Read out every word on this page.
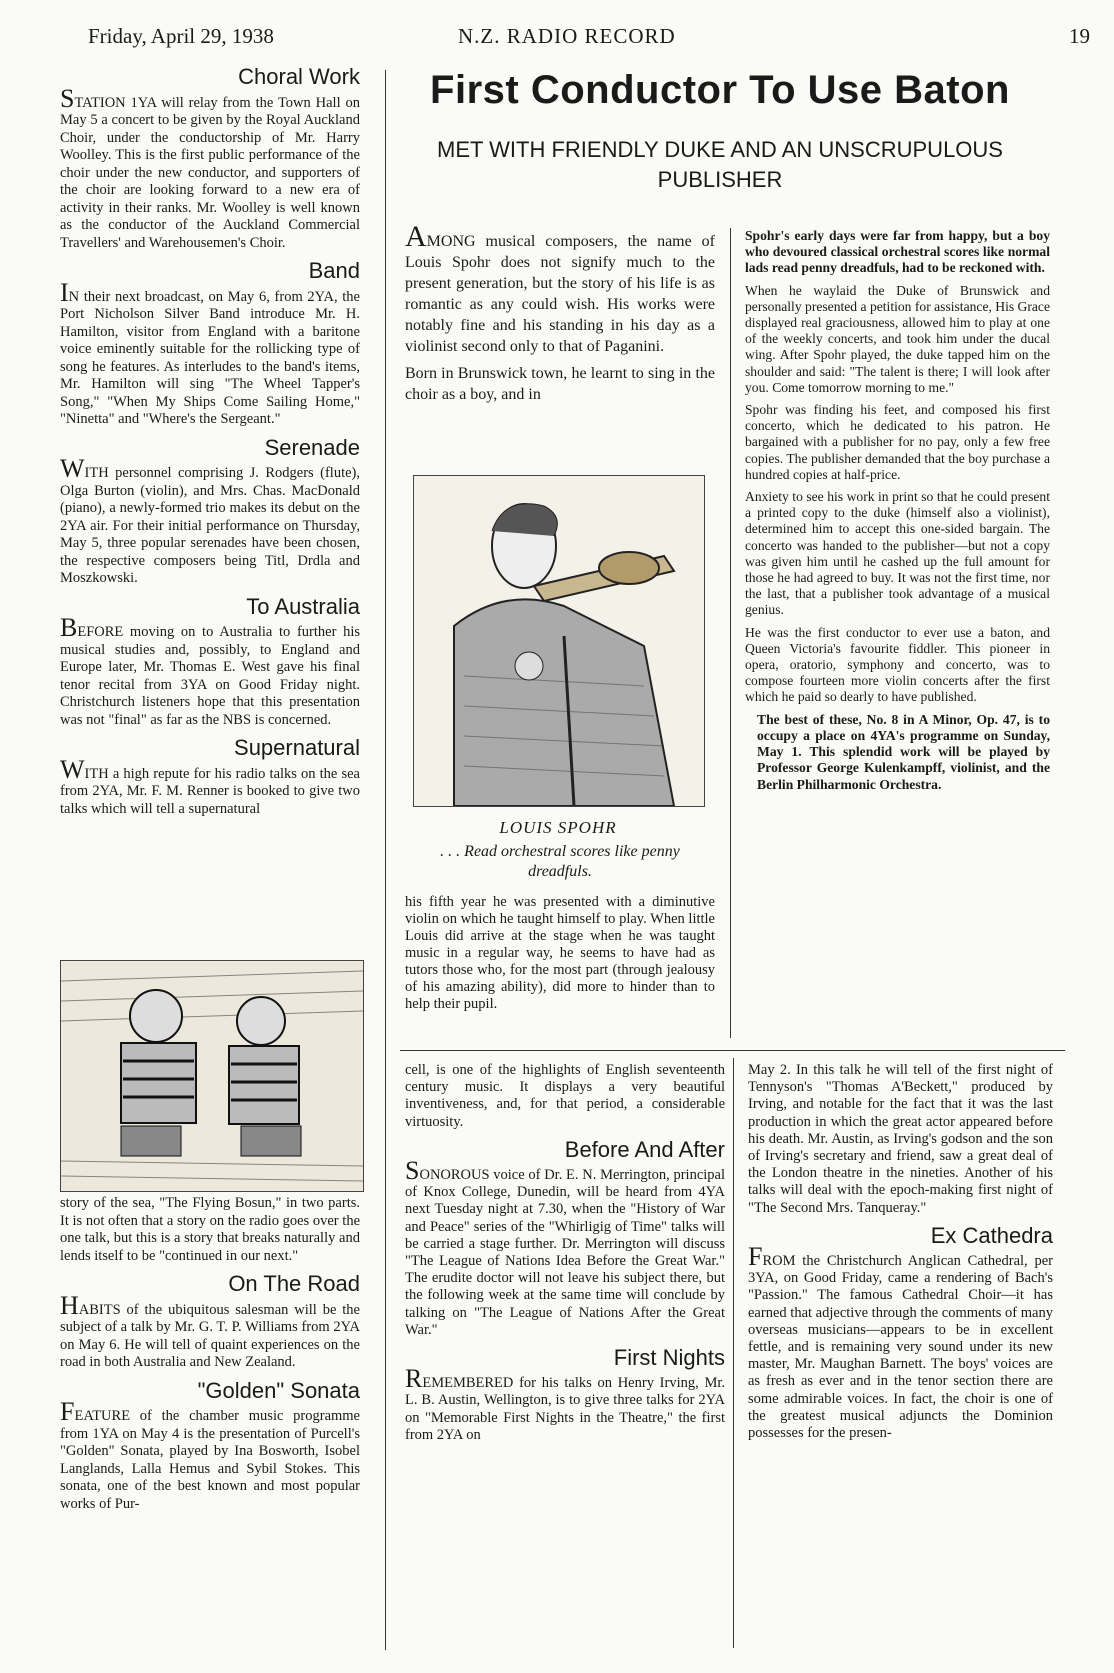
Friday, April 29, 1938	N.Z. RADIO RECORD	19
Choral Work

STATION 1YA will relay from the Town Hall on May 5 a concert to be given by the Royal Auckland Choir, under the conductorship of Mr. Harry Woolley. This is the first public performance of the choir under the new conductor, and supporters of the choir are looking forward to a new era of activity in their ranks. Mr. Woolley is well known as the conductor of the Auckland Commercial Travellers' and Warehousemen's Choir.

Band

IN their next broadcast, on May 6, from 2YA, the Port Nicholson Silver Band introduce Mr. H. Hamilton, visitor from England with a baritone voice eminently suitable for the rollicking type of song he features. As interludes to the band's items, Mr. Hamilton will sing "The Wheel Tapper's Song," "When My Ships Come Sailing Home," "Ninetta" and "Where's the Sergeant."

Serenade

WITH personnel comprising J. Rodgers (flute), Olga Burton (violin), and Mrs. Chas. MacDonald (piano), a newly-formed trio makes its debut on the 2YA air. For their initial performance on Thursday, May 5, three popular serenades have been chosen, the respective composers being Titl, Drdla and Moszkowski.

To Australia

BEFORE moving on to Australia to further his musical studies and, possibly, to England and Europe later, Mr. Thomas E. West gave his final tenor recital from 3YA on Good Friday night. Christchurch listeners hope that this presentation was not "final" as far as the NBS is concerned.

Supernatural

WITH a high repute for his radio talks on the sea from 2YA, Mr. F. M. Renner is booked to give two talks which will tell a supernatural

story of the sea, "The Flying Bosun," in two parts. It is not often that a story on the radio goes over the one talk, but this is a story that breaks naturally and lends itself to be "continued in our next."

On The Road

HABITS of the ubiquitous salesman will be the subject of a talk by Mr. G. T. P. Williams from 2YA on May 6. He will tell of quaint experiences on the road in both Australia and New Zealand.

"Golden" Sonata

FEATURE of the chamber music programme from 1YA on May 4 is the presentation of Purcell's "Golden" Sonata, played by Ina Bosworth, Isobel Langlands, Lalla Hemus and Sybil Stokes. This sonata, one of the best known and most popular works of Pur-

First Conductor To Use Baton
MET WITH FRIENDLY DUKE AND AN UNSCRUPULOUS PUBLISHER

AMONG musical composers, the name of Louis Spohr does not signify much to the present generation, but the story of his life is as romantic as any could wish. His works were notably fine and his standing in his day as a violinist second only to that of Paganini.

Born in Brunswick town, he learnt to sing in the choir as a boy, and in

LOUIS SPOHR
. . . Read orchestral scores like penny dreadfuls.

his fifth year he was presented with a diminutive violin on which he taught himself to play. When little Louis did arrive at the stage when he was taught music in a regular way, he seems to have had as tutors those who, for the most part (through jealousy of his amazing ability), did more to hinder than to help their pupil.

Spohr's early days were far from happy, but a boy who devoured classical orchestral scores like normal lads read penny dreadfuls, had to be reckoned with.

When he waylaid the Duke of Brunswick and personally presented a petition for assistance, His Grace displayed real graciousness, allowed him to play at one of the weekly concerts, and took him under the ducal wing. After Spohr played, the duke tapped him on the shoulder and said: "The talent is there; I will look after you. Come tomorrow morning to me."

Spohr was finding his feet, and composed his first concerto, which he dedicated to his patron. He bargained with a publisher for no pay, only a few free copies. The publisher demanded that the boy purchase a hundred copies at half-price.

Anxiety to see his work in print so that he could present a printed copy to the duke (himself also a violinist), determined him to accept this one-sided bargain. The concerto was handed to the publisher—but not a copy was given him until he cashed up the full amount for those he had agreed to buy. It was not the first time, nor the last, that a publisher took advantage of a musical genius.

He was the first conductor to ever use a baton, and Queen Victoria's favourite fiddler. This pioneer in opera, oratorio, symphony and concerto, was to compose fourteen more violin concerts after the first which he paid so dearly to have published.

The best of these, No. 8 in A Minor, Op. 47, is to occupy a place on 4YA's programme on Sunday, May 1. This splendid work will be played by Professor George Kulenkampff, violinist, and the Berlin Philharmonic Orchestra.

cell, is one of the highlights of English seventeenth century music. It displays a very beautiful inventiveness, and, for that period, a considerable virtuosity.

Before And After

SONOROUS voice of Dr. E. N. Merrington, principal of Knox College, Dunedin, will be heard from 4YA next Tuesday night at 7.30, when the "History of War and Peace" series of the "Whirligig of Time" talks will be carried a stage further. Dr. Merrington will discuss "The League of Nations Idea Before the Great War." The erudite doctor will not leave his subject there, but the following week at the same time will conclude by talking on "The League of Nations After the Great War."

First Nights

REMEMBERED for his talks on Henry Irving, Mr. L. B. Austin, Wellington, is to give three talks for 2YA on "Memorable First Nights in the Theatre," the first from 2YA on

May 2. In this talk he will tell of the first night of Tennyson's "Thomas A'Beckett," produced by Irving, and notable for the fact that it was the last production in which the great actor appeared before his death. Mr. Austin, as Irving's godson and the son of Irving's secretary and friend, saw a great deal of the London theatre in the nineties. Another of his talks will deal with the epoch-making first night of "The Second Mrs. Tanqueray."

Ex Cathedra

FROM the Christchurch Anglican Cathedral, per 3YA, on Good Friday, came a rendering of Bach's "Passion." The famous Cathedral Choir—it has earned that adjective through the comments of many overseas musicians—appears to be in excellent fettle, and is remaining very sound under its new master, Mr. Maughan Barnett. The boys' voices are as fresh as ever and in the tenor section there are some admirable voices. In fact, the choir is one of the greatest musical adjuncts the Dominion possesses for the presen-
